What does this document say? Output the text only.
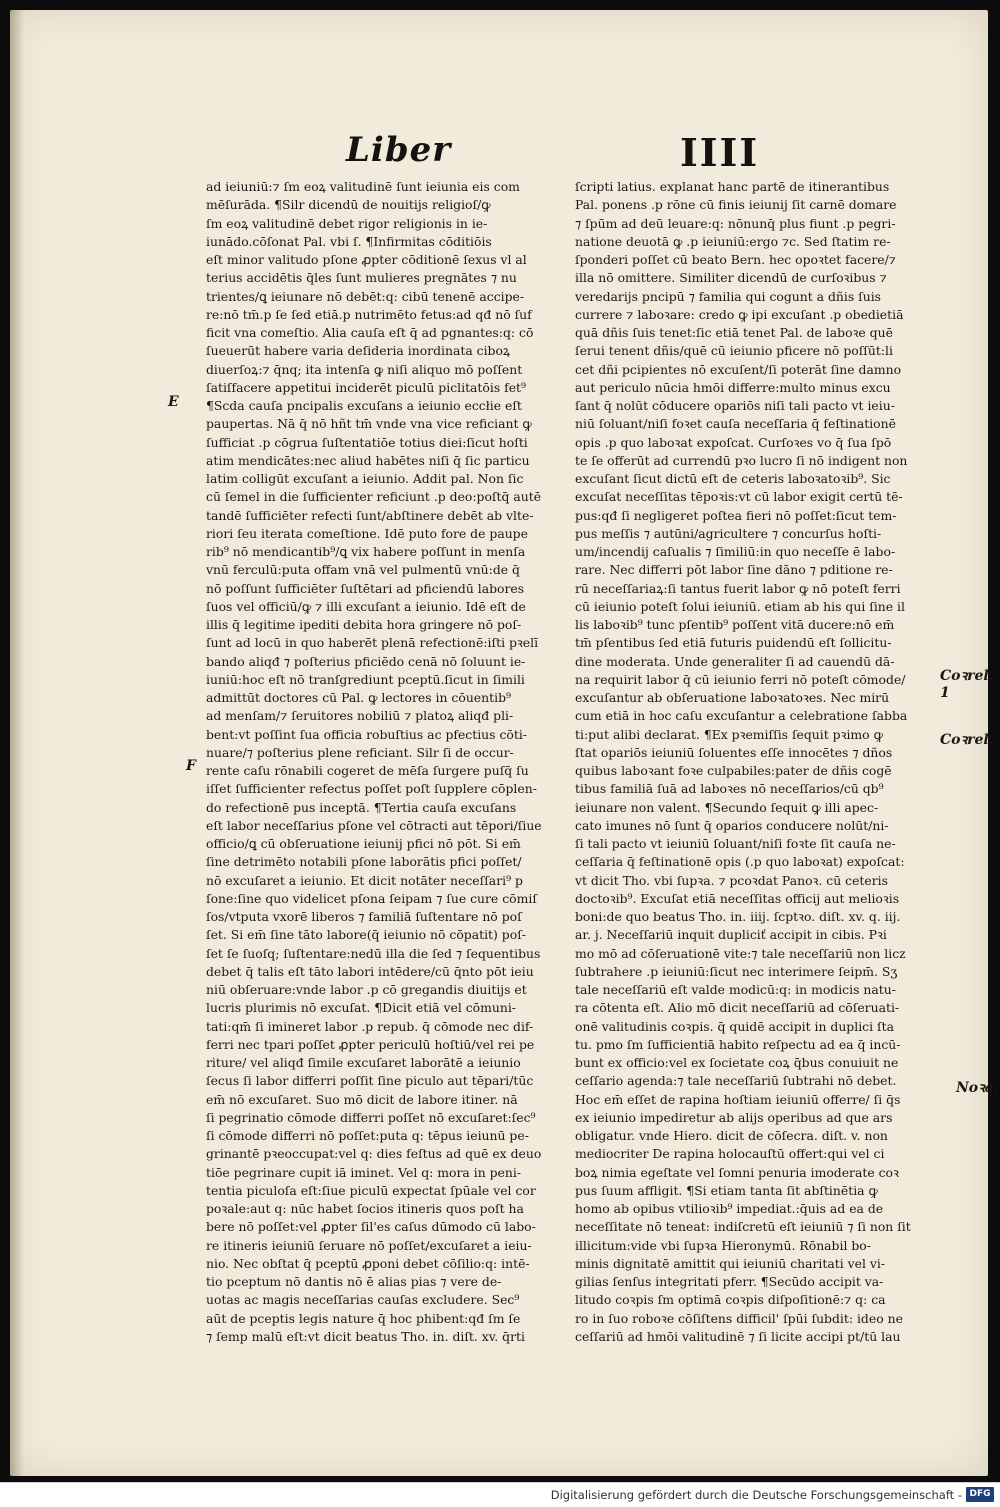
Liber	IIII
ad ieiuniū:⁊ ſm eoꝝ valitudinē ſunt ieiunia eis com
mēſurāda. ¶Silr dicendū de nouitijs religioſ/ꝙ
ſm eoꝝ valitudinē debet rigor religionis in ie-
iunādo.cōſonat Pal. vbi ſ. ¶Infirmitas cōditiōis
eſt minor valitudo pſone ꝓpter cōditionē ſexus vl al
terius accidētis q̄les ſunt mulieres pregnātes ⁊ nu
trientes/ꝗ ieiunare nō debēt:q: cibū tenenē accipe-
re:nō tm̄.p ſe ſed etiā.p nutrimēto fetus:ad qđ nō ſuf
ficit vna comeſtio. Alia cauſa eſt q̄ ad pgnantes:q: cō
ſueuerūt habere varia deſideria inordinata ciboꝝ
diuerſoꝝ:⁊ q̄nq; ita intenſa ꝙ niſi aliquo mō poſſent
ſatiſfacere appetitui inciderēt piculū piclitatōis fet⁹
¶Scda cauſa pncipalis excuſans a ieiunio eccłie eſt
paupertas. Nā q̄ nō hñt tm̄ vnde vna vice reficiant ꝙ
ſufficiat .p cōgrua ſuſtentatiōe totius diei:ſicut hoſti
atim mendicātes:nec aliud habētes niſi q̄ ſic particu
latim colligūt excuſant a ieiunio. Addit pal. Non ſic
cū ſemel in die ſufficienter reficiunt .p deo:poſtq̄ autē
tandē ſufficiēter refecti ſunt/abſtinere debēt ab vlte-
riori ſeu iterata comeſtione. Idē puto fore de paupe
rib⁹ nō mendicantib⁹/ꝗ vix habere poſſunt in menſa
vnū ferculū:puta offam vnā vel pulmentū vnū:de q̄
nō poſſunt ſufficiēter ſuſtētari ad pficiendū labores
ſuos vel officiū/ꝙ ⁊ illi excuſant a ieiunio. Idē eſt de
illis q̄ legitime ipediti debita hora gringere nō poſ-
ſunt ad locū in quo haberēt plenā refectionē:iſti pꝛelī
bando aliqđ ⁊ poſterius pficiēdo cenā nō ſoluunt ie-
iuniū:hoc eſt nō tranſgrediunt pceptū.ſicut in ſimili
admittūt doctores cū Pal. ꝙ lectores in cōuentib⁹
ad menſam/⁊ ſeruitores nobiliū ⁊ platoꝝ aliqđ pli-
bent:vt poſſint ſua officia robuſtius ac pfectius cōti-
nuare/⁊ poſterius plene reficiant. Silr ſi de occur-
rente caſu rōnabili cogeret de mēſa ſurgere puſq̄ ſu
iſſet ſufficienter refectus poſſet poſt ſupplere cōplen-
do refectionē pus inceptā. ¶Tertia cauſa excuſans
eſt labor neceſſarius pſone vel cōtracti aut tēpori/ſiue
officio/ꝗ cū obſeruatione ieiunij pfici nō pōt. Si em̄
ſine detrimēto notabili pſone laborātis pfici poſſet/
nō excuſaret a ieiunio. Et dicit notāter neceſſari⁹ p
ſone:ſine quo videlicet pſona ſeipam ⁊ ſue cure cōmiſ
ſos/vtputa vxorē liberos ⁊ familiā ſuſtentare nō poſ
ſet. Si em̄ ſine tāto labore(q̄ ieiunio nō cōpatit) poſ-
ſet ſe ſuoſq; ſuſtentare:nedū illa die ſed ⁊ ſequentibus
debet q̄ talis eſt tāto labori intēdere/cū q̄nto pōt ieiu
niū obſeruare:vnde labor .p cō gregandis diuitijs et
lucris plurimis nō excuſat. ¶Dicit etiā vel cōmuni-
tati:qm̄ ſi imineret labor .p repub. q̄ cōmode nec dif-
ferri nec tpari poſſet ꝓpter periculū hoſtiū/vel rei pe
riture/ vel aliqđ ſimile excuſaret laborātē a ieiunio
ſecus ſi labor differri poſſit ſine piculo aut tēpari/tūc
em̄ nō excuſaret. Suo mō dicit de labore itiner. nā
ſi pegrinatio cōmode differri poſſet nō excuſaret:ſec⁹
ſi cōmode differri nō poſſet:puta q: tēpus ieiunū pe-
grinantē pꝛeoccupat:vel q: dies feſtus ad quē ex deuo
tiōe pegrinare cupit iā iminet. Vel q: mora in peni-
tentia piculoſa eſt:ſiue piculū expectat ſpūale vel cor
poꝛale:aut q: nūc habet ſocios itineris quos poſt ha
bere nō poſſet:vel ꝓpter ſil'es caſus dūmodo cū labo-
re itineris ieiuniū ſeruare nō poſſet/excuſaret a ieiu-
nio. Nec obſtat q̄ pceptū ꝓponi debet cōſilio:q: intē-
tio pceptum nō dantis nō ē alias pias ⁊ vere de-
uotas ac magis neceſſarias cauſas excludere. Sec⁹
aūt de pceptis legis nature q̄ hoc phibent:qđ ſm ſe
⁊ ſemp malū eſt:vt dicit beatus Tho. in. diſt. xv. q̄rti
ſcripti latius. explanat hanc partē de itinerantibus
Pal. ponens .p rōne cū finis ieiunij ſit carnē domare
⁊ ſpūm ad deū leuare:q: nōnunq̄ plus fiunt .p pegri-
natione deuotā ꝙ .p ieiuniū:ergo ⁊c. Sed ſtatim re-
ſponderi poſſet cū beato Bern. hec opoꝛtet facere/⁊
illa nō omittere. Similiter dicendū de curſoꝛibus ⁊
veredarijs pncipū ⁊ familia qui cogunt a dñis ſuis
currere ⁊ laboꝛare: credo ꝙ ipi excuſant .p obedietiā
quā dñis ſuis tenet:ſic etiā tenet Pal. de laboꝛe quē
ſerui tenent dñis/quē cū ieiunio pficere nō poſſūt:li
cet dñi pcipientes nō excuſent/ſi poterāt ſine damno
aut periculo nūcia hmōi differre:multo minus excu
ſant q̄ nolūt cōducere opariōs niſi tali pacto vt ieiu-
niū ſoluant/niſi foꝛet cauſa neceſſaria q̄ feſtinationē
opis .p quo laboꝛat expoſcat. Curſoꝛes vo q̄ ſua ſpō
te ſe offerūt ad currendū pꝛo lucro ſi nō indigent non
excuſant ſicut dictū eſt de ceteris laboꝛatoꝛib⁹. Sic
excuſat neceſſitas tēpoꝛis:vt cū labor exigit certū tē-
pus:qđ ſi negligeret poſtea fieri nō poſſet:ſicut tem-
pus meſſis ⁊ autūni/agricultere ⁊ concurſus hoſti-
um/incendij caſualis ⁊ ſimiliū:in quo neceſſe ē labo-
rare. Nec differri pōt labor ſine dāno ⁊ pditione re-
rū neceſſariaꝝ:ſi tantus fuerit labor ꝙ nō poteſt ferri
cū ieiunio poteſt ſolui ieiuniū. etiam ab his qui ſine il
lis laboꝛib⁹ tunc pſentib⁹ poſſent vitā ducere:nō em̄
tm̄ pſentibus ſed etiā futuris puidendū eſt ſollicitu-
dine moderata. Unde generaliter ſi ad cauendū dā-
na requirit labor q̄ cū ieiunio ferri nō poteſt cōmode/
excuſantur ab obſeruatione laboꝛatoꝛes. Nec mirū
cum etiā in hoc caſu excuſantur a celebratione ſabba
ti:put alibi declarat. ¶Ex pꝛemiſſis ſequit pꝛimo ꝙ
ſtat opariōs ieiuniū ſoluentes eſſe innocētes ⁊ dños
quibus laboꝛant foꝛe culpabiles:pater de dñis cogē
tibus familiā ſuā ad laboꝛes nō neceſſarios/cū qb⁹
ieiunare non valent. ¶Secundo ſequit ꝙ illi apec-
cato imunes nō ſunt q̄ oparios conducere nolūt/ni-
ſi tali pacto vt ieiuniū ſoluant/niſi foꝛte ſit cauſa ne-
ceſſaria q̄ feſtinationē opis (.p quo laboꝛat) expoſcat:
vt dicit Tho. vbi ſupꝛa. ⁊ pcoꝛdat Panoꝛ. cū ceteris
doctoꝛib⁹. Excuſat etiā neceſſitas officij aut melioꝛis
boni:de quo beatus Tho. in. iiij. ſcptꝛo. diſt. xv. q. iij.
ar. j. Neceſſariū inquit dupliciť accipit in cibis. Pꝛi
mo mō ad cōſeruationē vite:⁊ tale neceſſariū non licz
ſubtrahere .p ieiuniū:ſicut nec interimere ſeipm̄. Sʒ
tale neceſſariū eſt valde modicū:q: in modicis natu-
ra cōtenta eſt. Alio mō dicit neceſſariū ad cōſeruati-
onē valitudinis coꝛpis. q̄ quidē accipit in duplici ſta
tu. pmo ſm ſufficientiā habito reſpectu ad ea q̄ incū-
bunt ex officio:vel ex ſocietate coꝝ q̄bus conuiuit ne
ceſſario agenda:⁊ tale neceſſariū ſubtrahi nō debet.
Hoc em̄ eſſet de rapina hoſtiam ieiuniū offerre/ ſi q̄s
ex ieiunio impediretur ab alijs operibus ad que ars
obligatur. vnde Hiero. dicit de cōſecra. diſt. v. non
mediocriter De rapina holocauſtū offert:qui vel ci
boꝝ nimia egeſtate vel ſomni penuria imoderate coꝛ
pus ſuum affligit. ¶Si etiam tanta ſit abſtinētia ꝙ
homo ab opibus vtilioꝛib⁹ impediat.:q̄uis ad ea de
neceſſitate nō teneat: indiſcretū eſt ieiuniū ⁊ ſi non ſit
illicitum:vide vbi ſupꝛa Hieronymū. Rōnabil bo-
minis dignitatē amittit qui ieiuniū charitati vel vi-
gilias ſenſus integritati pferr. ¶Secūdo accipit va-
litudo coꝛpis ſm optimā coꝛpis diſpoſitionē:⁊ q: ca
ro in ſuo roboꝛe cōſiſtens difficil' ſpūi ſubdit: ideo ne
ceſſariū ad hmōi valitudinē ⁊ ſi licite accipi pt/tū lau
E
F
Coꝛrel. 1
Coꝛrel.
Noꝛa.
Digitalisierung gefördert durch die Deutsche Forschungsgemeinschaft - DFG
